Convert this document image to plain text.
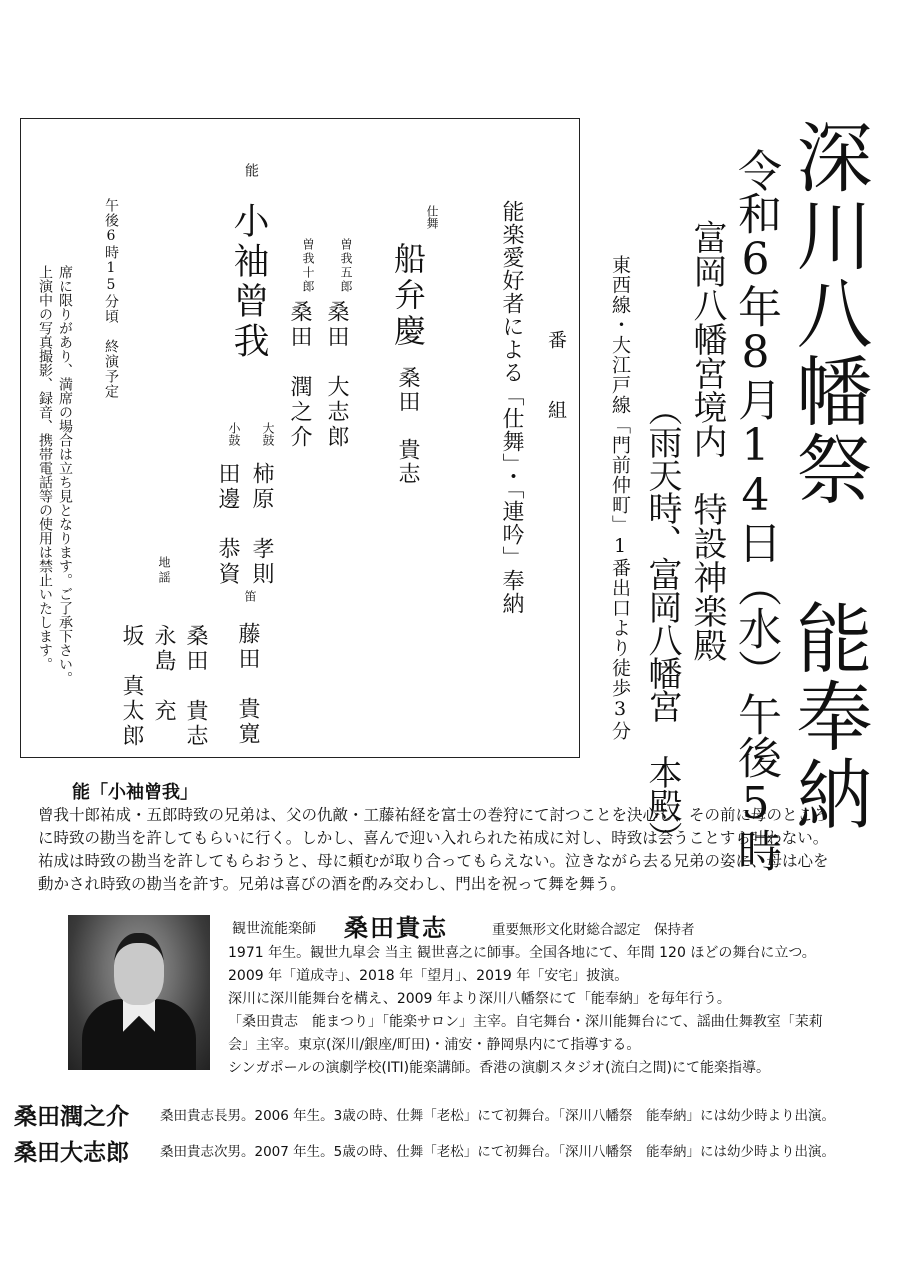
深川八幡祭 能奉納
令和6年8月14日（水）午後5時
富岡八幡宮境内　特設神楽殿
（雨天時、富岡八幡宮　本殿）
東西線・大江戸線「門前仲町」1番出口より徒歩3分
番　組
能楽愛好者による「仕舞」・「連吟」奉納
仕舞
船弁慶
桑田　貴志
曽我五郎
桑田　大志郎
曽我十郎
桑田　潤之介
能
小袖曾我
大鼓
柿原　孝則
小鼓
田邊　恭資
笛
藤田　貴寛
地謡
桑田　貴志
永島　充
坂　真太郎
午後6時15分頃　終演予定
席に限りがあり、満席の場合は立ち見となります。ご了承下さい。
上演中の写真撮影、録音、携帯電話等の使用は禁止いたします。
能「小袖曾我」
曾我十郎祐成・五郎時致の兄弟は、父の仇敵・工藤祐経を富士の巻狩にて討つことを決心し、その前に母のところ
に時致の勘当を許してもらいに行く。しかし、喜んで迎い入れられた祐成に対し、時致は会うことすら叶わない。
祐成は時致の勘当を許してもらおうと、母に頼むが取り合ってもらえない。泣きながら去る兄弟の姿に、母は心を
動かされ時致の勘当を許す。兄弟は喜びの酒を酌み交わし、門出を祝って舞を舞う。
観世流能楽師 桑田貴志	重要無形文化財総合認定　保持者
1971 年生。観世九皐会 当主 観世喜之に師事。全国各地にて、年間 120 ほどの舞台に立つ。
2009 年「道成寺」、2018 年「望月」、2019 年「安宅」披演。
深川に深川能舞台を構え、2009 年より深川八幡祭にて「能奉納」を毎年行う。
「桑田貴志　能まつり」「能楽サロン」主宰。自宅舞台・深川能舞台にて、謡曲仕舞教室「茉莉
会」主宰。東京(深川/銀座/町田)・浦安・静岡県内にて指導する。
シンガポールの演劇学校(ITI)能楽講師。香港の演劇スタジオ(流白之間)にて能楽指導。
桑田潤之介 桑田貴志長男。2006 年生。3歳の時、仕舞「老松」にて初舞台。「深川八幡祭　能奉納」には幼少時より出演。
桑田大志郎 桑田貴志次男。2007 年生。5歳の時、仕舞「老松」にて初舞台。「深川八幡祭　能奉納」には幼少時より出演。
